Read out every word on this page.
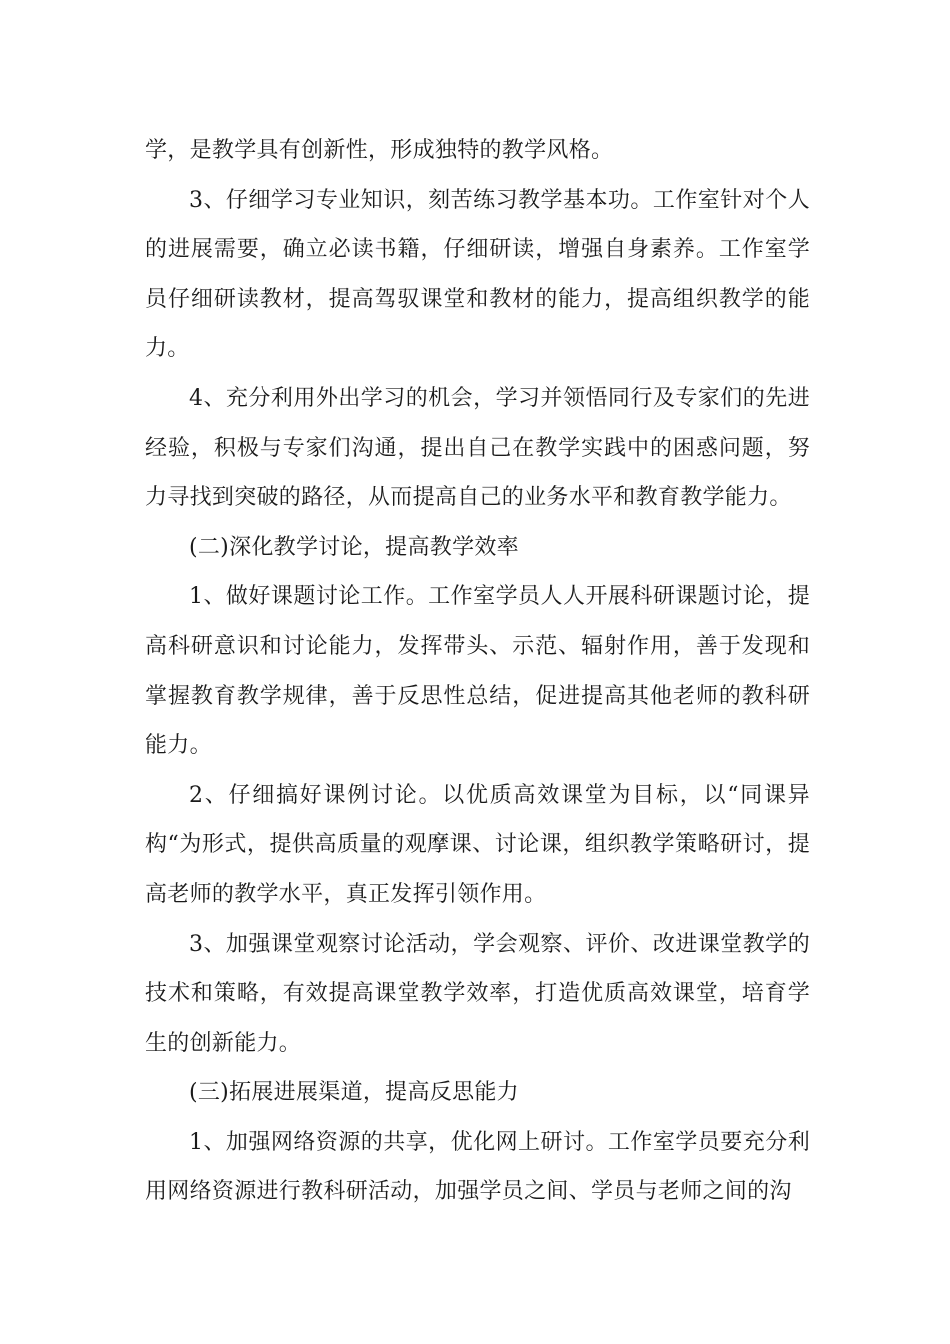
学，是教学具有创新性，形成独特的教学风格。

3、仔细学习专业知识，刻苦练习教学基本功。工作室针对个人的进展需要，确立必读书籍，仔细研读，增强自身素养。工作室学员仔细研读教材，提高驾驭课堂和教材的能力，提高组织教学的能力。

4、充分利用外出学习的机会，学习并领悟同行及专家们的先进经验，积极与专家们沟通，提出自己在教学实践中的困惑问题，努力寻找到突破的路径，从而提高自己的业务水平和教育教学能力。

(二)深化教学讨论，提高教学效率

1、做好课题讨论工作。工作室学员人人开展科研课题讨论，提高科研意识和讨论能力，发挥带头、示范、辐射作用，善于发现和掌握教育教学规律，善于反思性总结，促进提高其他老师的教科研能力。

2、仔细搞好课例讨论。以优质高效课堂为目标，以“同课异构“为形式，提供高质量的观摩课、讨论课，组织教学策略研讨，提高老师的教学水平，真正发挥引领作用。

3、加强课堂观察讨论活动，学会观察、评价、改进课堂教学的技术和策略，有效提高课堂教学效率，打造优质高效课堂，培育学生的创新能力。

(三)拓展进展渠道，提高反思能力

1、加强网络资源的共享，优化网上研讨。工作室学员要充分利用网络资源进行教科研活动，加强学员之间、学员与老师之间的沟
